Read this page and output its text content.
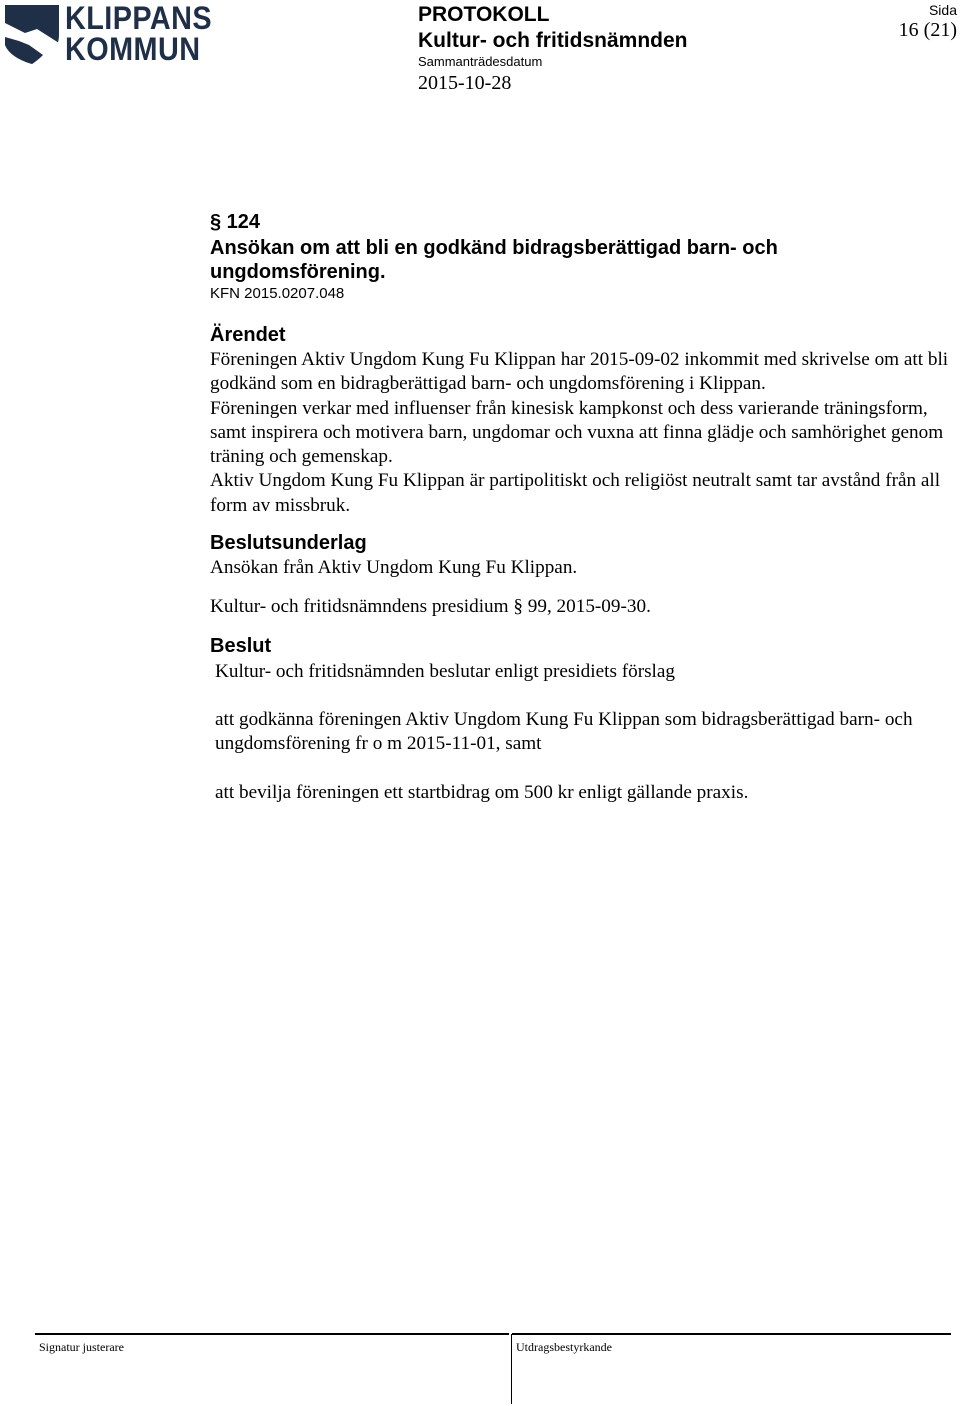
KLIPPANS
KOMMUN
PROTOKOLL
Kultur- och fritidsnämnden
Sammanträdesdatum
2015-10-28
Sida
16 (21)
§ 124
Ansökan om att bli en godkänd bidragsberättigad barn- och ungdomsförening.
KFN 2015.0207.048
Ärendet

Föreningen Aktiv Ungdom Kung Fu Klippan har 2015-09-02 inkommit med skrivelse om att bli godkänd som en bidragberättigad barn- och ungdomsförening i Klippan.

Föreningen verkar med influenser från kinesisk kampkonst och dess varierande träningsform, samt inspirera och motivera barn, ungdomar och vuxna att finna glädje och samhörighet genom träning och gemenskap.

Aktiv Ungdom Kung Fu Klippan är partipolitiskt och religiöst neutralt samt tar avstånd från all form av missbruk.

Beslutsunderlag

Ansökan från Aktiv Ungdom Kung Fu Klippan.

Kultur- och fritidsnämndens presidium § 99, 2015-09-30.

Beslut

Kultur- och fritidsnämnden beslutar enligt presidiets förslag

att godkänna föreningen Aktiv Ungdom Kung Fu Klippan som bidragsberättigad barn- och ungdomsförening fr o m 2015-11-01, samt

att bevilja föreningen ett startbidrag om 500 kr enligt gällande praxis.

Signatur justerare	Utdragsbestyrkande
